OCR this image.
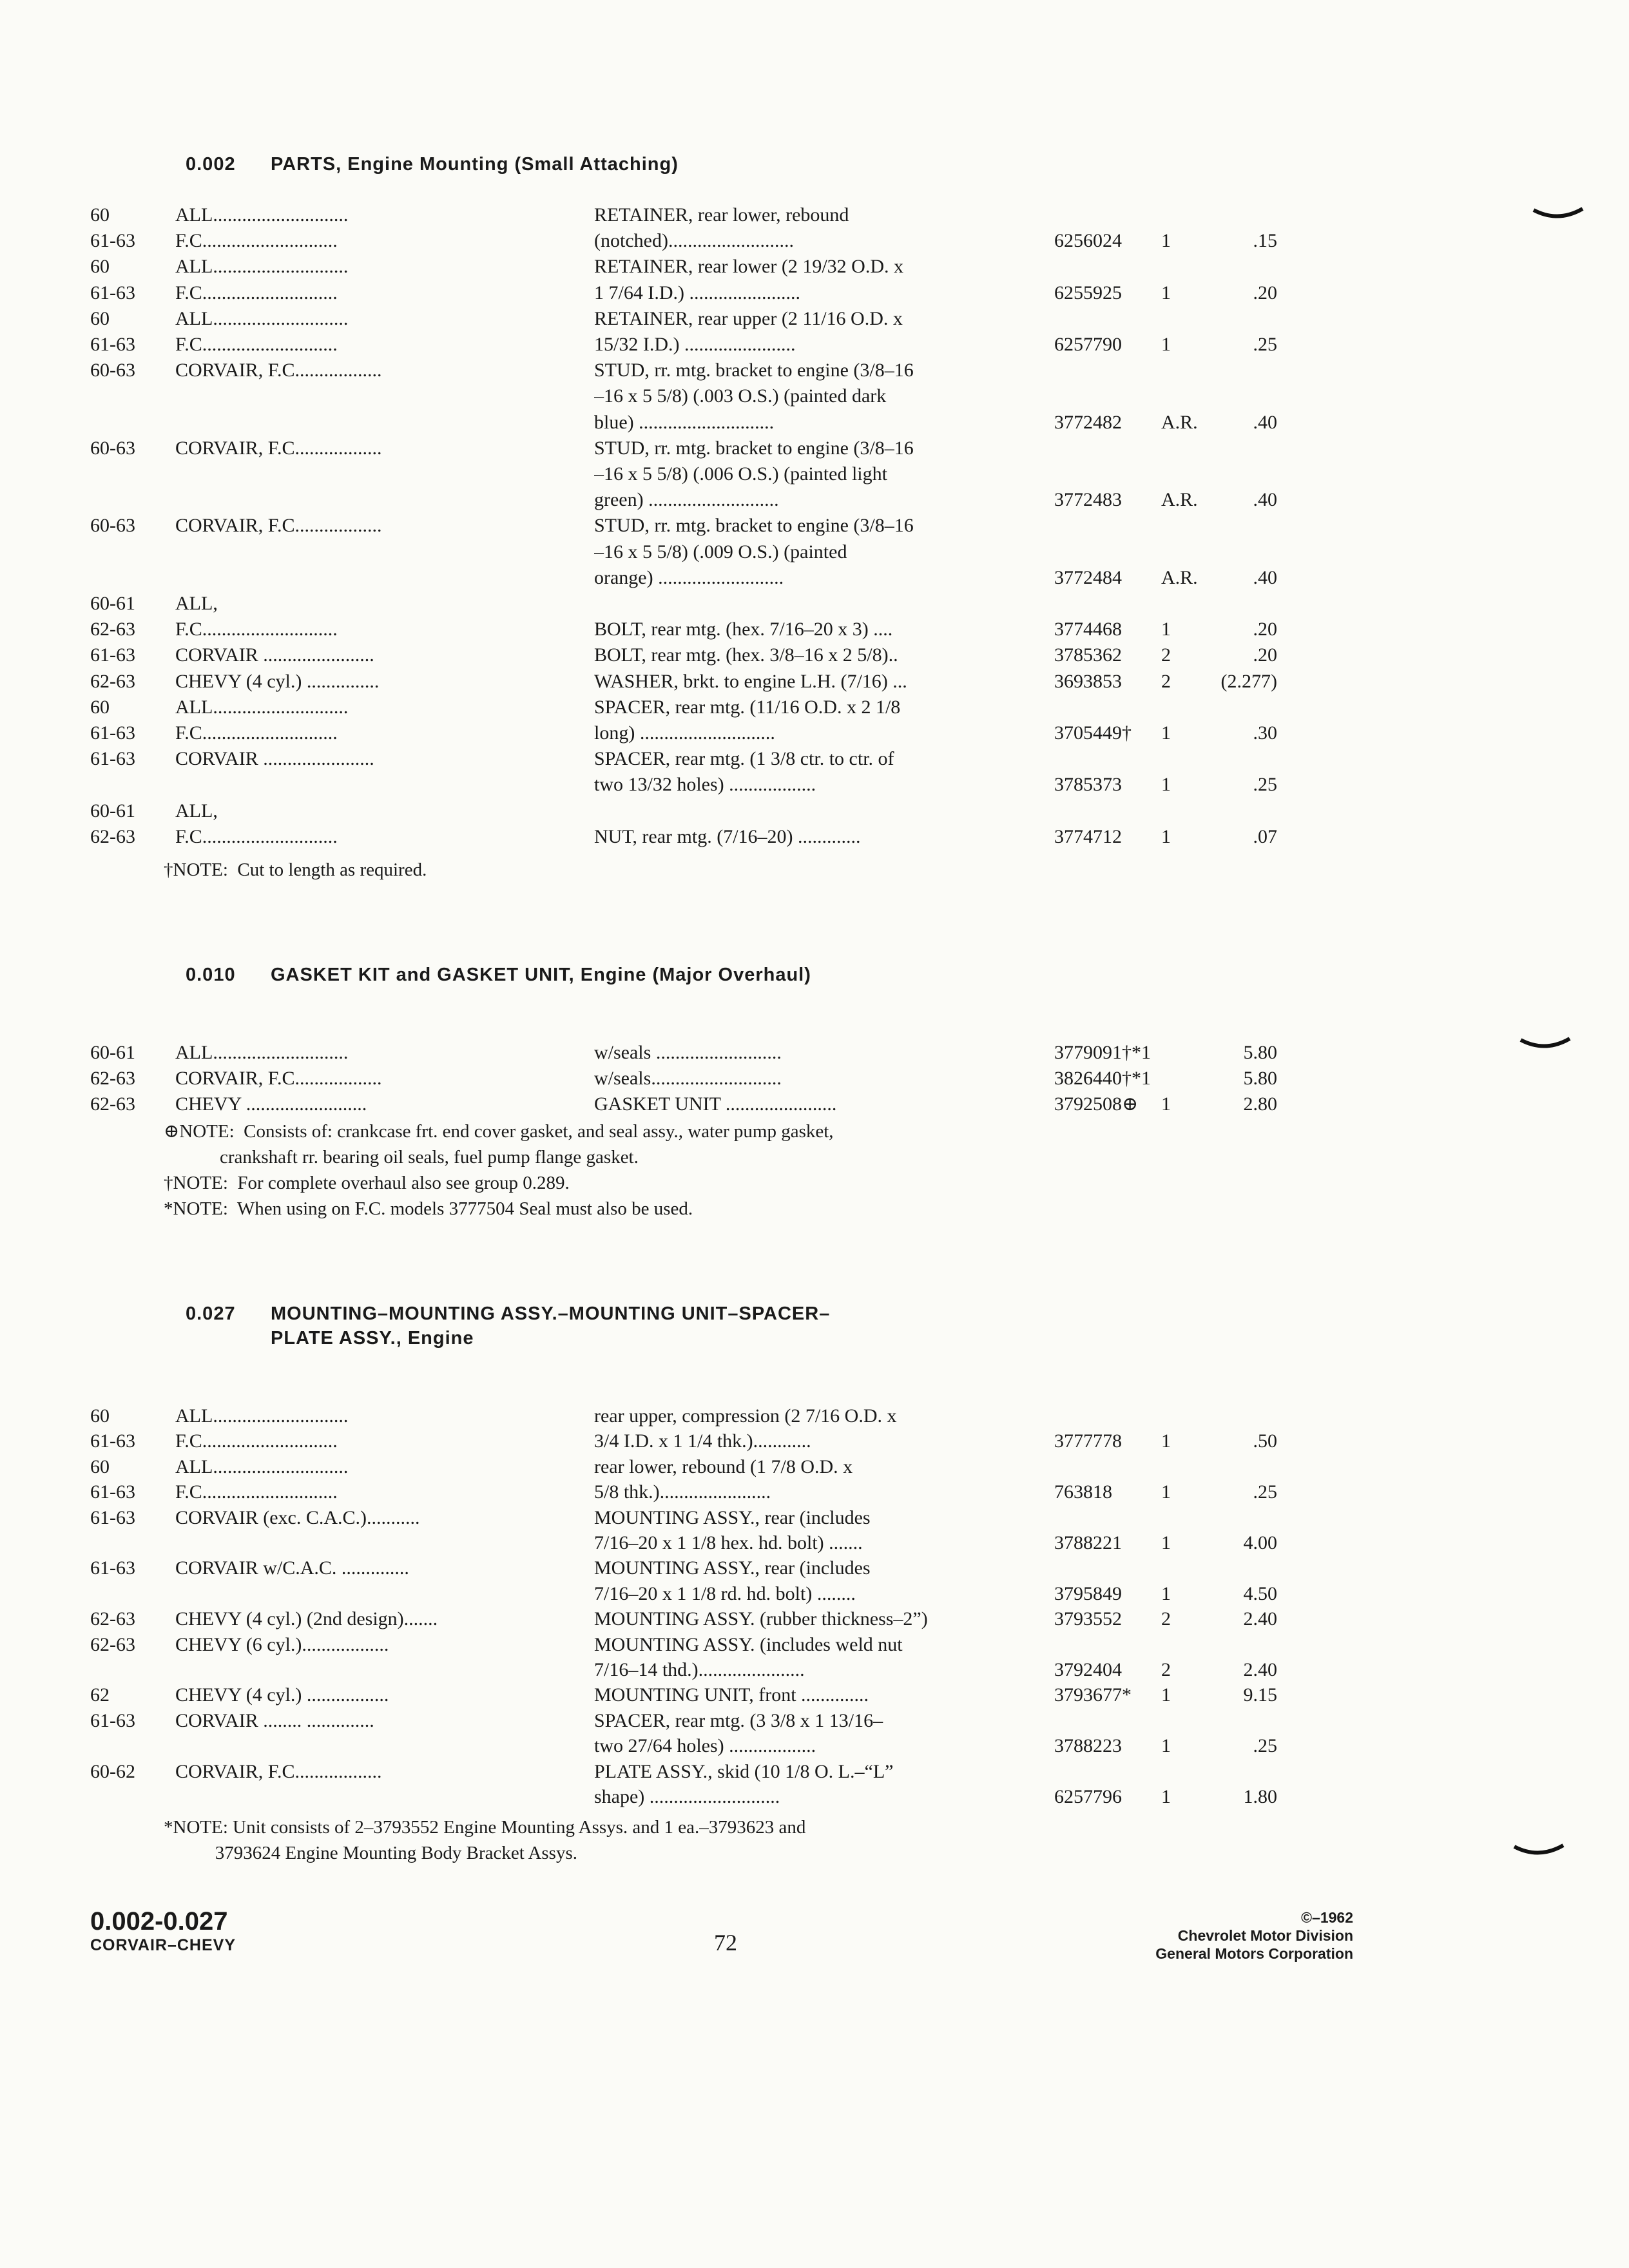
0.002 PARTS, Engine Mounting (Small Attaching)
60	ALL............................	RETAINER, rear lower, rebound
61-63	F.C............................	(notched)..........................	6256024	1	.15
60	ALL............................	RETAINER, rear lower (2 19/32 O.D. x
61-63	F.C............................	1 7/64 I.D.) .......................	6255925	1	.20
60	ALL............................	RETAINER, rear upper (2 11/16 O.D. x
61-63	F.C............................	15/32 I.D.) .......................	6257790	1	.25
60-63	CORVAIR, F.C..................	STUD, rr. mtg. bracket to engine (3/8–16
–16 x 5 5/8) (.003 O.S.) (painted dark
blue) ............................	3772482	A.R.	.40
60-63	CORVAIR, F.C..................	STUD, rr. mtg. bracket to engine (3/8–16
–16 x 5 5/8) (.006 O.S.) (painted light
green) ...........................	3772483	A.R.	.40
60-63	CORVAIR, F.C..................	STUD, rr. mtg. bracket to engine (3/8–16
–16 x 5 5/8) (.009 O.S.) (painted
orange) ..........................	3772484	A.R.	.40
60-61	ALL,
62-63	F.C............................	BOLT, rear mtg. (hex. 7/16–20 x 3) ....	3774468	1	.20
61-63	CORVAIR .......................	BOLT, rear mtg. (hex. 3/8–16 x 2 5/8)..	3785362	2	.20
62-63	CHEVY (4 cyl.) ...............	WASHER, brkt. to engine L.H. (7/16) ...	3693853	2	(2.277)
60	ALL............................	SPACER, rear mtg. (11/16 O.D. x 2 1/8
61-63	F.C............................	long) ............................	3705449†	1	.30
61-63	CORVAIR .......................	SPACER, rear mtg. (1 3/8 ctr. to ctr. of
two 13/32 holes) ..................	3785373	1	.25
60-61	ALL,
62-63	F.C............................	NUT, rear mtg. (7/16–20) .............	3774712	1	.07
†NOTE:  Cut to length as required.
0.010 GASKET KIT and GASKET UNIT, Engine (Major Overhaul)
60-61	ALL............................	w/seals ..........................	3779091†*1	5.80
62-63	CORVAIR, F.C..................	w/seals...........................	3826440†*1	5.80
62-63	CHEVY .........................	GASKET UNIT .......................	3792508⊕	1	2.80
⊕NOTE:  Consists of: crankcase frt. end cover gasket, and seal assy., water pump gasket,
crankshaft rr. bearing oil seals, fuel pump flange gasket.
†NOTE:  For complete overhaul also see group 0.289.
*NOTE:  When using on F.C. models 3777504 Seal must also be used.
0.027 MOUNTING–MOUNTING ASSY.–MOUNTING UNIT–SPACER–
PLATE ASSY., Engine
60	ALL............................	rear upper, compression (2 7/16 O.D. x
61-63	F.C............................	3/4 I.D. x 1 1/4 thk.)............	3777778	1	.50
60	ALL............................	rear lower, rebound (1 7/8 O.D. x
61-63	F.C............................	5/8 thk.).......................	763818	1	.25
61-63	CORVAIR (exc. C.A.C.)...........	MOUNTING ASSY., rear (includes
7/16–20 x 1 1/8 hex. hd. bolt) .......	3788221	1	4.00
61-63	CORVAIR w/C.A.C. ..............	MOUNTING ASSY., rear (includes
7/16–20 x 1 1/8 rd. hd. bolt) ........	3795849	1	4.50
62-63	CHEVY (4 cyl.) (2nd design).......	MOUNTING ASSY. (rubber thickness–2”)	3793552	2	2.40
62-63	CHEVY (6 cyl.)..................	MOUNTING ASSY. (includes weld nut
7/16–14 thd.)......................	3792404	2	2.40
62	CHEVY (4 cyl.) .................	MOUNTING UNIT, front ..............	3793677*	1	9.15
61-63	CORVAIR ........ ..............	SPACER, rear mtg. (3 3/8 x 1 13/16–
two 27/64 holes) ..................	3788223	1	.25
60-62	CORVAIR, F.C..................	PLATE ASSY., skid (10 1/8 O. L.–“L”
shape) ...........................	6257796	1	1.80
*NOTE: Unit consists of 2–3793552 Engine Mounting Assys. and 1 ea.–3793623 and
3793624 Engine Mounting Body Bracket Assys.
0.002-0.027
CORVAIR–CHEVY	72
©–1962
Chevrolet Motor Division
General Motors Corporation
